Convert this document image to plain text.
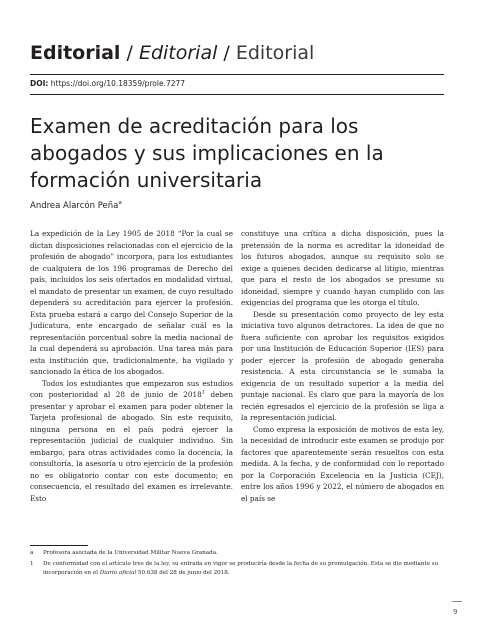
Editorial / Editorial / Editorial
DOI: https://doi.org/10.18359/prole.7277
Examen de acreditación para los abogados y sus implicaciones en la formación universitaria
Andrea Alarcón Peña$^a$

La expedición de la Ley 1905 de 2018 “Por la cual se dictan disposiciones relacionadas con el ejercicio de la profesión de abogado” incorpora, para los estudiantes de cualquiera de los 196 programas de Derecho del país, incluidos los seis ofertados en modalidad virtual, el mandato de presentar un examen, de cuyo resultado dependerá su acreditación para ejercer la profesión. Esta prueba estará a cargo del Consejo Superior de la Judicatura, ente encargado de señalar cuál es la representación porcentual sobre la media nacional de la cual dependerá su aprobación. Una tarea más para esta institución que, tradicionalmente, ha vigilado y sancionado la ética de los abogados.

Todos los estudiantes que empezaron sus estudios con posterioridad al 28 de junio de 2018$^1$ deben presentar y aprobar el examen para poder obtener la Tarjeta profesional de abogado. Sin este requisito, ninguna persona en el país podrá ejercer la representación judicial de cualquier individuo. Sin embargo, para otras actividades como la docencia, la consultoría, la asesoría u otro ejercicio de la profesión no es obligatorio contar con este documento; en consecuencia, el resultado del examen es irrelevante. Esto

constituye una crítica a dicha disposición, pues la pretensión de la norma es acreditar la idoneidad de los futuros abogados, aunque su requisito solo se exige a quienes deciden dedicarse al litigio, mientras que para el resto de los abogados se presume su idoneidad, siempre y cuando hayan cumplido con las exigencias del programa que les otorga el título.

Desde su presentación como proyecto de ley esta iniciativa tuvo algunos detractores. La idea de que no fuera suficiente con aprobar los requisitos exigidos por una Institución de Educación Superior (IES) para poder ejercer la profesión de abogado generaba resistencia. A esta circunstancia se le sumaba la exigencia de un resultado superior a la media del puntaje nacional. Es claro que para la mayoría de los recién egresados el ejercicio de la profesión se liga a la representación judicial.

Como expresa la exposición de motivos de esta ley, la necesidad de introducir este examen se produjo por factores que aparentemente serán resueltos con esta medida. A la fecha, y de conformidad con lo reportado por la Corporación Excelencia en la Justicia (CEJ), entre los años 1996 y 2022, el número de abogados en el país se

a Profesora asociada de la Universidad Militar Nueva Granada.
1 De conformidad con el artículo tres de la ley, su entrada en vigor se produciría desde la fecha de su promulgación. Esta se dio mediante su incorporación en el Diario oficial 50.638 del 28 de junio del 2018.
9
